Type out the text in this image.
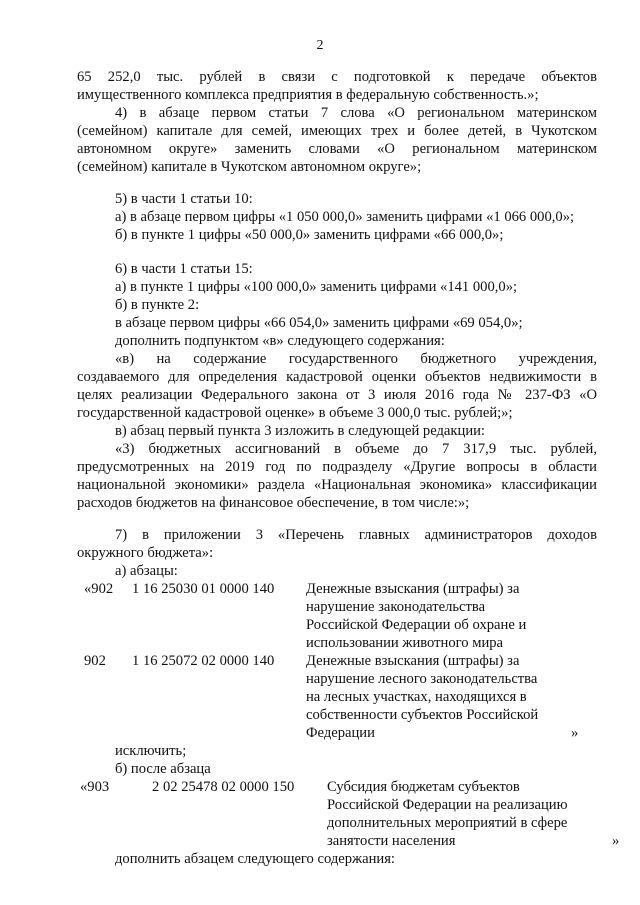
2
65 252,0 тыс. рублей в связи с подготовкой к передаче объектов
имущественного комплекса предприятия в федеральную собственность.»;
4) в абзаце первом статьи 7 слова «О региональном материнском
(семейном) капитале для семей, имеющих трех и более детей, в Чукотском
автономном округе» заменить словами «О региональном материнском
(семейном) капитале в Чукотском автономном округе»;
5) в части 1 статьи 10:
а) в абзаце первом цифры «1 050 000,0» заменить цифрами «1 066 000,0»;
б) в пункте 1 цифры «50 000,0» заменить цифрами «66 000,0»;
6) в части 1 статьи 15:
а) в пункте 1 цифры «100 000,0» заменить цифрами «141 000,0»;
б) в пункте 2:
в абзаце первом цифры «66 054,0» заменить цифрами «69 054,0»;
дополнить подпунктом «в» следующего содержания:
«в) на содержание государственного бюджетного учреждения,
создаваемого для определения кадастровой оценки объектов недвижимости в
целях реализации Федерального закона от 3 июля 2016 года № 237-ФЗ «О
государственной кадастровой оценке» в объеме 3 000,0 тыс. рублей;»;
в) абзац первый пункта 3 изложить в следующей редакции:
«3) бюджетных ассигнований в объеме до 7 317,9 тыс. рублей,
предусмотренных на 2019 год по подразделу «Другие вопросы в области
национальной экономики» раздела «Национальная экономика» классификации
расходов бюджетов на финансовое обеспечение, в том числе:»;
7) в приложении 3 «Перечень главных администраторов доходов
окружного бюджета»:
а) абзацы:
«902 1 16 25030 01 0000 140 Денежные взыскания (штрафы) за
нарушение законодательства
Российской Федерации об охране и
использовании животного мира
902 1 16 25072 02 0000 140 Денежные взыскания (штрафы) за
нарушение лесного законодательства
на лесных участках, находящихся в
собственности субъектов Российской
Федерации	»
исключить;
б) после абзаца
«903	2 02 25478 02 0000 150 Субсидия бюджетам субъектов
Российской Федерации на реализацию
дополнительных мероприятий в сфере
занятости населения	»
дополнить абзацем следующего содержания:
